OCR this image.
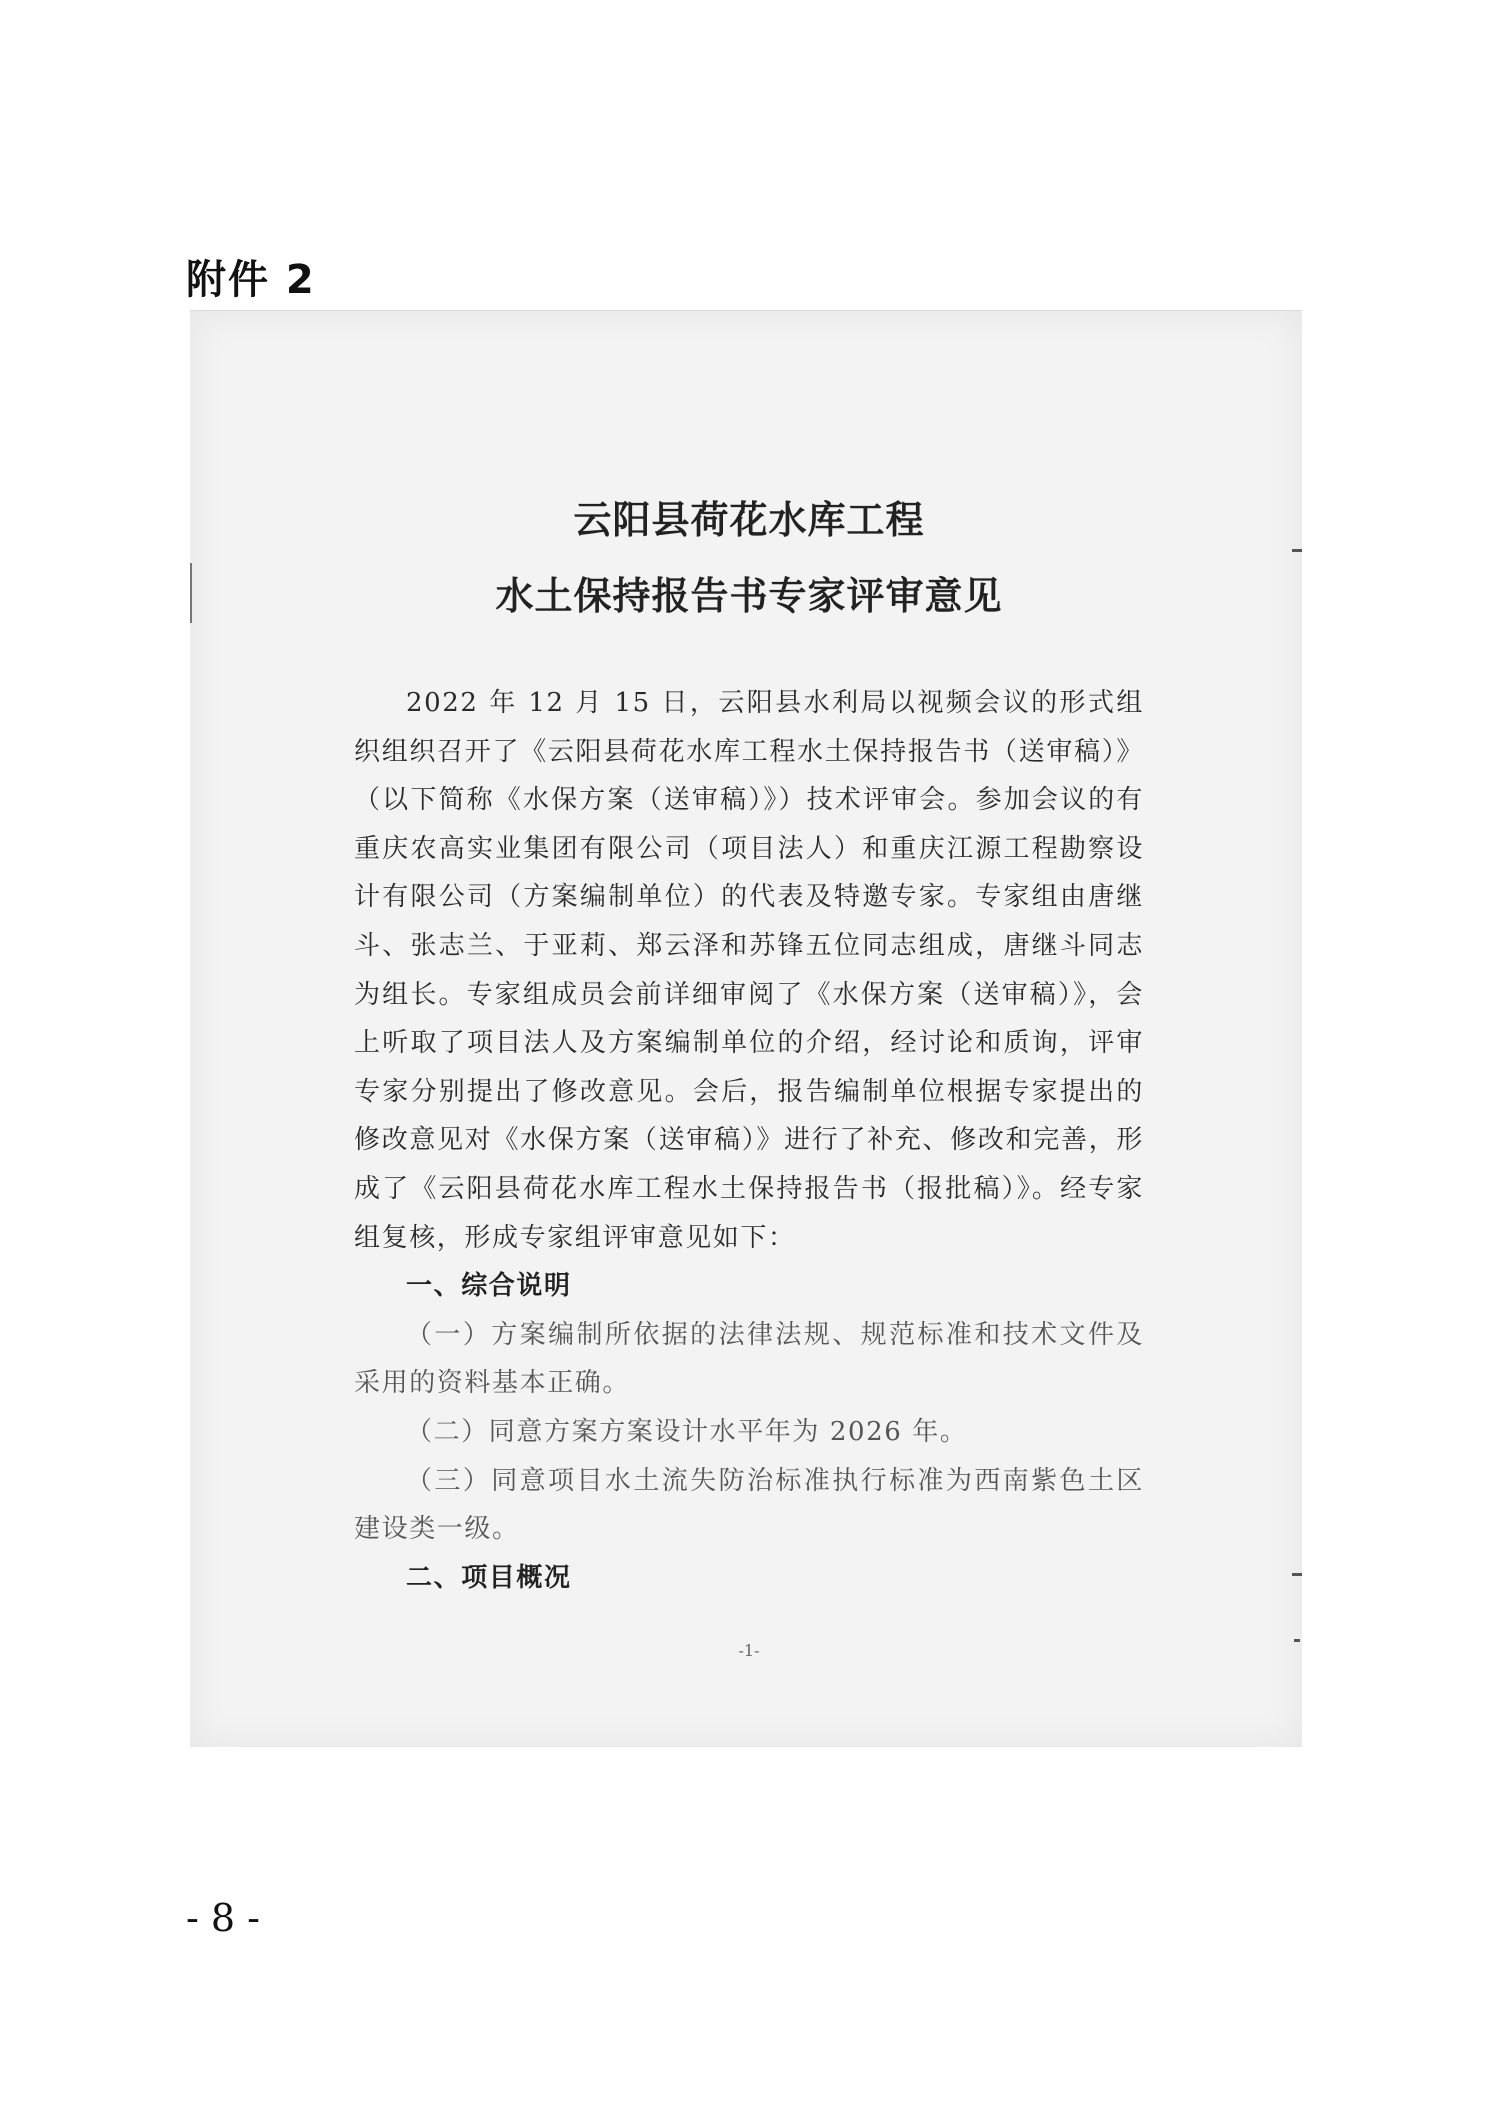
附件 2
云阳县荷花水库工程
水土保持报告书专家评审意见

2022 年 12 月 15 日，云阳县水利局以视频会议的形式组织组织召开了《云阳县荷花水库工程水土保持报告书（送审稿）》（以下简称《水保方案（送审稿）》）技术评审会。参加会议的有重庆农高实业集团有限公司（项目法人）和重庆江源工程勘察设计有限公司（方案编制单位）的代表及特邀专家。专家组由唐继斗、张志兰、于亚莉、郑云泽和苏锋五位同志组成，唐继斗同志为组长。专家组成员会前详细审阅了《水保方案（送审稿）》，会上听取了项目法人及方案编制单位的介绍，经讨论和质询，评审专家分别提出了修改意见。会后，报告编制单位根据专家提出的修改意见对《水保方案（送审稿）》进行了补充、修改和完善，形成了《云阳县荷花水库工程水土保持报告书（报批稿）》。经专家组复核，形成专家组评审意见如下：

一、综合说明

（一）方案编制所依据的法律法规、规范标准和技术文件及采用的资料基本正确。

（二）同意方案方案设计水平年为 2026 年。

（三）同意项目水土流失防治标准执行标准为西南紫色土区建设类一级。

二、项目概况

-1-
- 8 -
